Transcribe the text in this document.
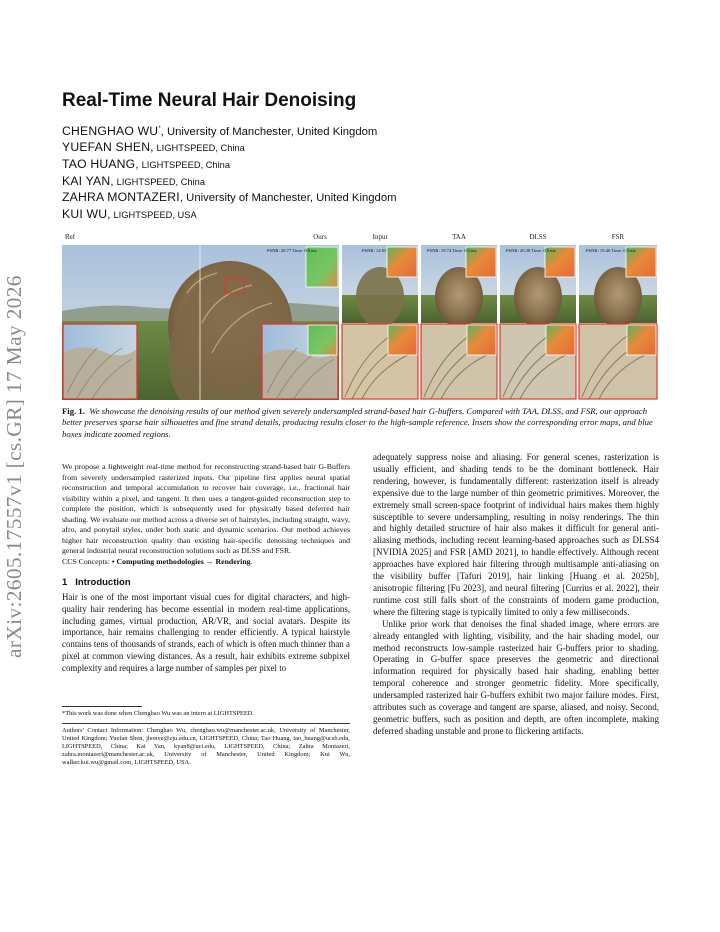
arXiv:2605.17557v1 [cs.GR] 17 May 2026
Real-Time Neural Hair Denoising
CHENGHAO WU*, University of Manchester, United Kingdom
YUEFAN SHEN, LIGHTSPEED, China
TAO HUANG, LIGHTSPEED, China
KAI YAN, LIGHTSPEED, China
ZAHRA MONTAZERI, University of Manchester, United Kingdom
KUI WU, LIGHTSPEED, USA
Ref	Ours	Input	TAA	DLSS	FSR
PSNR: 28.77 Time: 0.8 ms	PSNR: 14.83	PSNR: 19.74 Time: 0.1 ms	PSNR: 20.38 Time: 0.5 ms	PSNR: 19.46 Time: 0.5 ms

Fig. 1. We showcase the denoising results of our method given severely undersampled strand-based hair G-buffers. Compared with TAA, DLSS, and FSR, our approach better preserves sparse hair silhouettes and fine strand details, producing results closer to the high-sample reference. Insets show the corresponding error maps, and blue boxes indicate zoomed regions.

We propose a lightweight real-time method for reconstructing strand-based hair G-Buffers from severely undersampled rasterized inputs. Our pipeline first applies neural spatial reconstruction and temporal accumulation to recover hair coverage, i.e., fractional hair visibility within a pixel, and tangent. It then uses a tangent-guided reconstruction step to complete the position, which is subsequently used for physically based deferred hair shading. We evaluate our method across a diverse set of hairstyles, including straight, wavy, afro, and ponytail styles, under both static and dynamic scenarios. Our method achieves higher hair reconstruction quality than existing hair-specific denoising techniques and general industrial neural reconstruction solutions such as DLSS and FSR.

CCS Concepts: • Computing methodologies → Rendering.

1 Introduction

Hair is one of the most important visual cues for digital characters, and high-quality hair rendering has become essential in modern real-time applications, including games, virtual production, AR/VR, and social avatars. Despite its importance, hair remains challenging to render efficiently. A typical hairstyle contains tens of thousands of strands, each of which is often much thinner than a pixel at common viewing distances. As a result, hair exhibits extreme subpixel complexity and requires a large number of samples per pixel to

*This work was done when Chenghao Wu was an intern at LIGHTSPEED.

Authors' Contact Information: Chenghao Wu, chenghao.wu@manchester.ac.uk, University of Manchester, United Kingdom; Yuefan Shen, jhonve@zju.edu.cn, LIGHTSPEED, China; Tao Huang, tao_huang@ucsb.edu, LIGHTSPEED, China; Kai Yan, kyan8@uci.edu, LIGHTSPEED, China; Zahra Montazeri, zahra.montazeri@manchester.ac.uk, University of Manchester, United Kingdom; Kui Wu, walker.kui.wu@gmail.com, LIGHTSPEED, USA.

adequately suppress noise and aliasing. For general scenes, rasterization is usually efficient, and shading tends to be the dominant bottleneck. Hair rendering, however, is fundamentally different: rasterization itself is already expensive due to the large number of thin geometric primitives. Moreover, the extremely small screen-space footprint of individual hairs makes them highly susceptible to severe undersampling, resulting in noisy renderings. The thin and highly detailed structure of hair also makes it difficult for general anti-aliasing methods, including recent learning-based approaches such as DLSS4 [NVIDIA 2025] and FSR [AMD 2021], to handle effectively. Although recent approaches have explored hair filtering through multisample anti-aliasing on the visibility buffer [Tafuri 2019], hair linking [Huang et al. 2025b], anisotropic filtering [Fu 2023], and neural filtering [Currius et al. 2022], their runtime cost still falls short of the constraints of modern game production, where the filtering stage is typically limited to only a few milliseconds.

Unlike prior work that denoises the final shaded image, where errors are already entangled with lighting, visibility, and the hair shading model, our method reconstructs low-sample rasterized hair G-buffers prior to shading. Operating in G-buffer space preserves the geometric and directional information required for physically based hair shading, enabling better temporal coherence and stronger geometric fidelity. More specifically, undersampled rasterized hair G-buffers exhibit two major failure modes. First, attributes such as coverage and tangent are sparse, aliased, and noisy. Second, geometric buffers, such as position and depth, are often incomplete, making deferred shading unstable and prone to flickering artifacts.
